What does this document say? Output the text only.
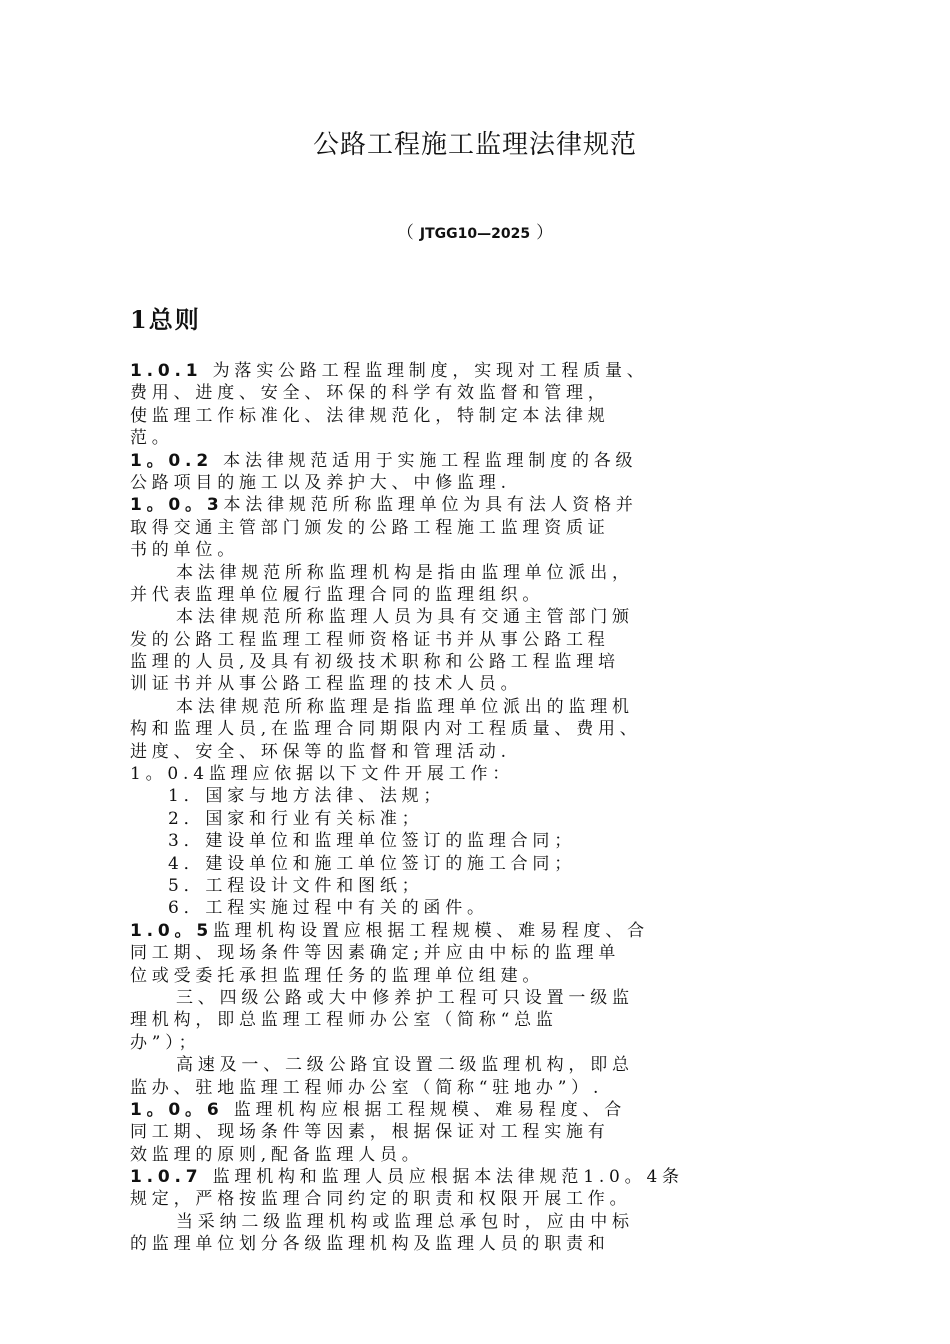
公路工程施工监理法律规范
（ JTGG10—2025 ）
1总则
1.0.1 为落实公路工程监理制度，实现对工程质量、
费用、进度、安全、环保的科学有效监督和管理，
使监理工作标准化、法律规范化，特制定本法律规
范。
1。0.2 本法律规范适用于实施工程监理制度的各级
公路项目的施工以及养护大、中修监理.
1。0。3本法律规范所称监理单位为具有法人资格并
取得交通主管部门颁发的公路工程施工监理资质证
书的单位。
本法律规范所称监理机构是指由监理单位派出，
并代表监理单位履行监理合同的监理组织。
本法律规范所称监理人员为具有交通主管部门颁
发的公路工程监理工程师资格证书并从事公路工程
监理的人员,及具有初级技术职称和公路工程监理培
训证书并从事公路工程监理的技术人员。
本法律规范所称监理是指监理单位派出的监理机
构和监理人员,在监理合同期限内对工程质量、费用、
进度、安全、环保等的监督和管理活动.
1。0.4监理应依据以下文件开展工作：
1．国家与地方法律、法规；
2．国家和行业有关标准；
3．建设单位和监理单位签订的监理合同；
4．建设单位和施工单位签订的施工合同；
5．工程设计文件和图纸；
6．工程实施过程中有关的函件。
1.0。5监理机构设置应根据工程规模、难易程度、合
同工期、现场条件等因素确定;并应由中标的监理单
位或受委托承担监理任务的监理单位组建。
三、四级公路或大中修养护工程可只设置一级监
理机构，即总监理工程师办公室（简称“总监
办”）；
高速及一、二级公路宜设置二级监理机构，即总
监办、驻地监理工程师办公室（简称“驻地办”）.
1。0。6 监理机构应根据工程规模、难易程度、合
同工期、现场条件等因素，根据保证对工程实施有
效监理的原则,配备监理人员。
1.0.7 监理机构和监理人员应根据本法律规范1.0。4条
规定，严格按监理合同约定的职责和权限开展工作。
当采纳二级监理机构或监理总承包时，应由中标
的监理单位划分各级监理机构及监理人员的职责和
